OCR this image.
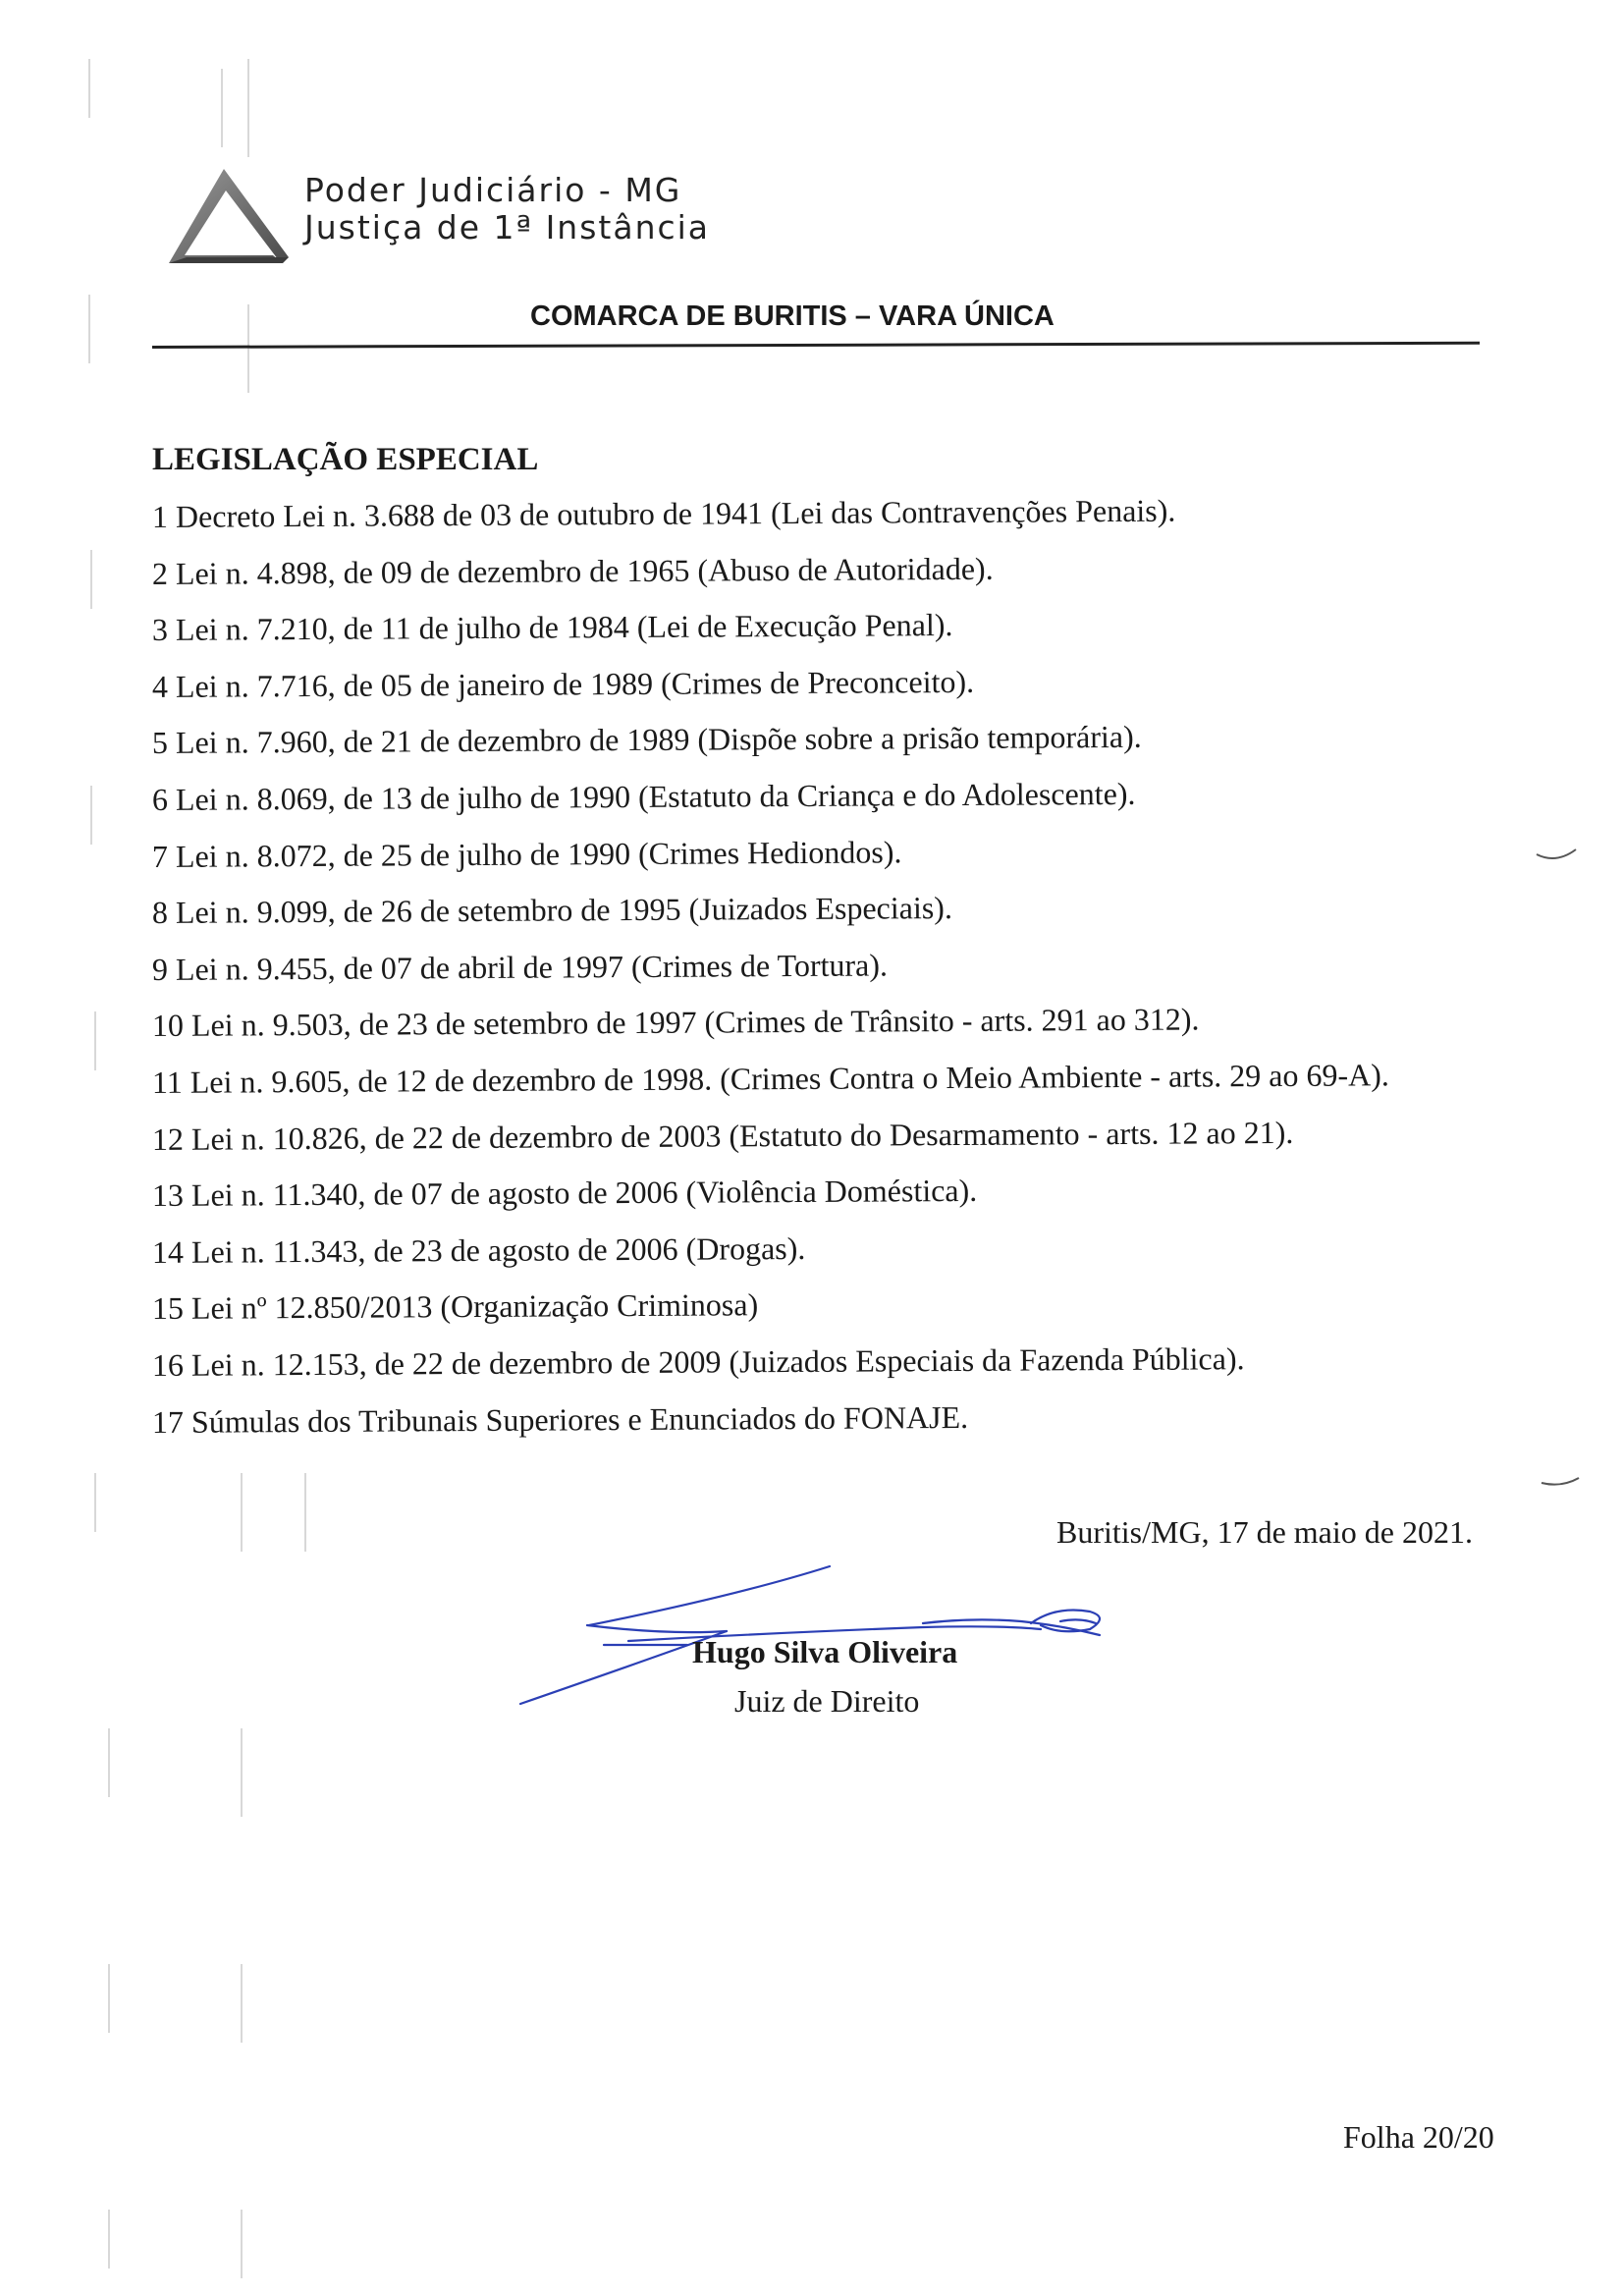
Poder Judiciário - MG
Justiça de 1ª Instância
COMARCA DE BURITIS – VARA ÚNICA
LEGISLAÇÃO ESPECIAL
1 Decreto Lei n. 3.688 de 03 de outubro de 1941 (Lei das Contravenções Penais).
2 Lei n. 4.898, de 09 de dezembro de 1965 (Abuso de Autoridade).
3 Lei n. 7.210, de 11 de julho de 1984 (Lei de Execução Penal).
4 Lei n. 7.716, de 05 de janeiro de 1989 (Crimes de Preconceito).
5 Lei n. 7.960, de 21 de dezembro de 1989 (Dispõe sobre a prisão temporária).
6 Lei n. 8.069, de 13 de julho de 1990 (Estatuto da Criança e do Adolescente).
7 Lei n. 8.072, de 25 de julho de 1990 (Crimes Hediondos).
8 Lei n. 9.099, de 26 de setembro de 1995 (Juizados Especiais).
9 Lei n. 9.455, de 07 de abril de 1997 (Crimes de Tortura).
10 Lei n. 9.503, de 23 de setembro de 1997 (Crimes de Trânsito - arts. 291 ao 312).
11 Lei n. 9.605, de 12 de dezembro de 1998. (Crimes Contra o Meio Ambiente - arts. 29 ao 69-A).
12 Lei n. 10.826, de 22 de dezembro de 2003 (Estatuto do Desarmamento - arts. 12 ao 21).
13 Lei n. 11.340, de 07 de agosto de 2006 (Violência Doméstica).
14 Lei n. 11.343, de 23 de agosto de 2006 (Drogas).
15 Lei nº 12.850/2013 (Organização Criminosa)
16 Lei n. 12.153, de 22 de dezembro de 2009 (Juizados Especiais da Fazenda Pública).
17 Súmulas dos Tribunais Superiores e Enunciados do FONAJE.
Buritis/MG, 17 de maio de 2021.
Hugo Silva Oliveira
Juiz de Direito
Folha 20/20
